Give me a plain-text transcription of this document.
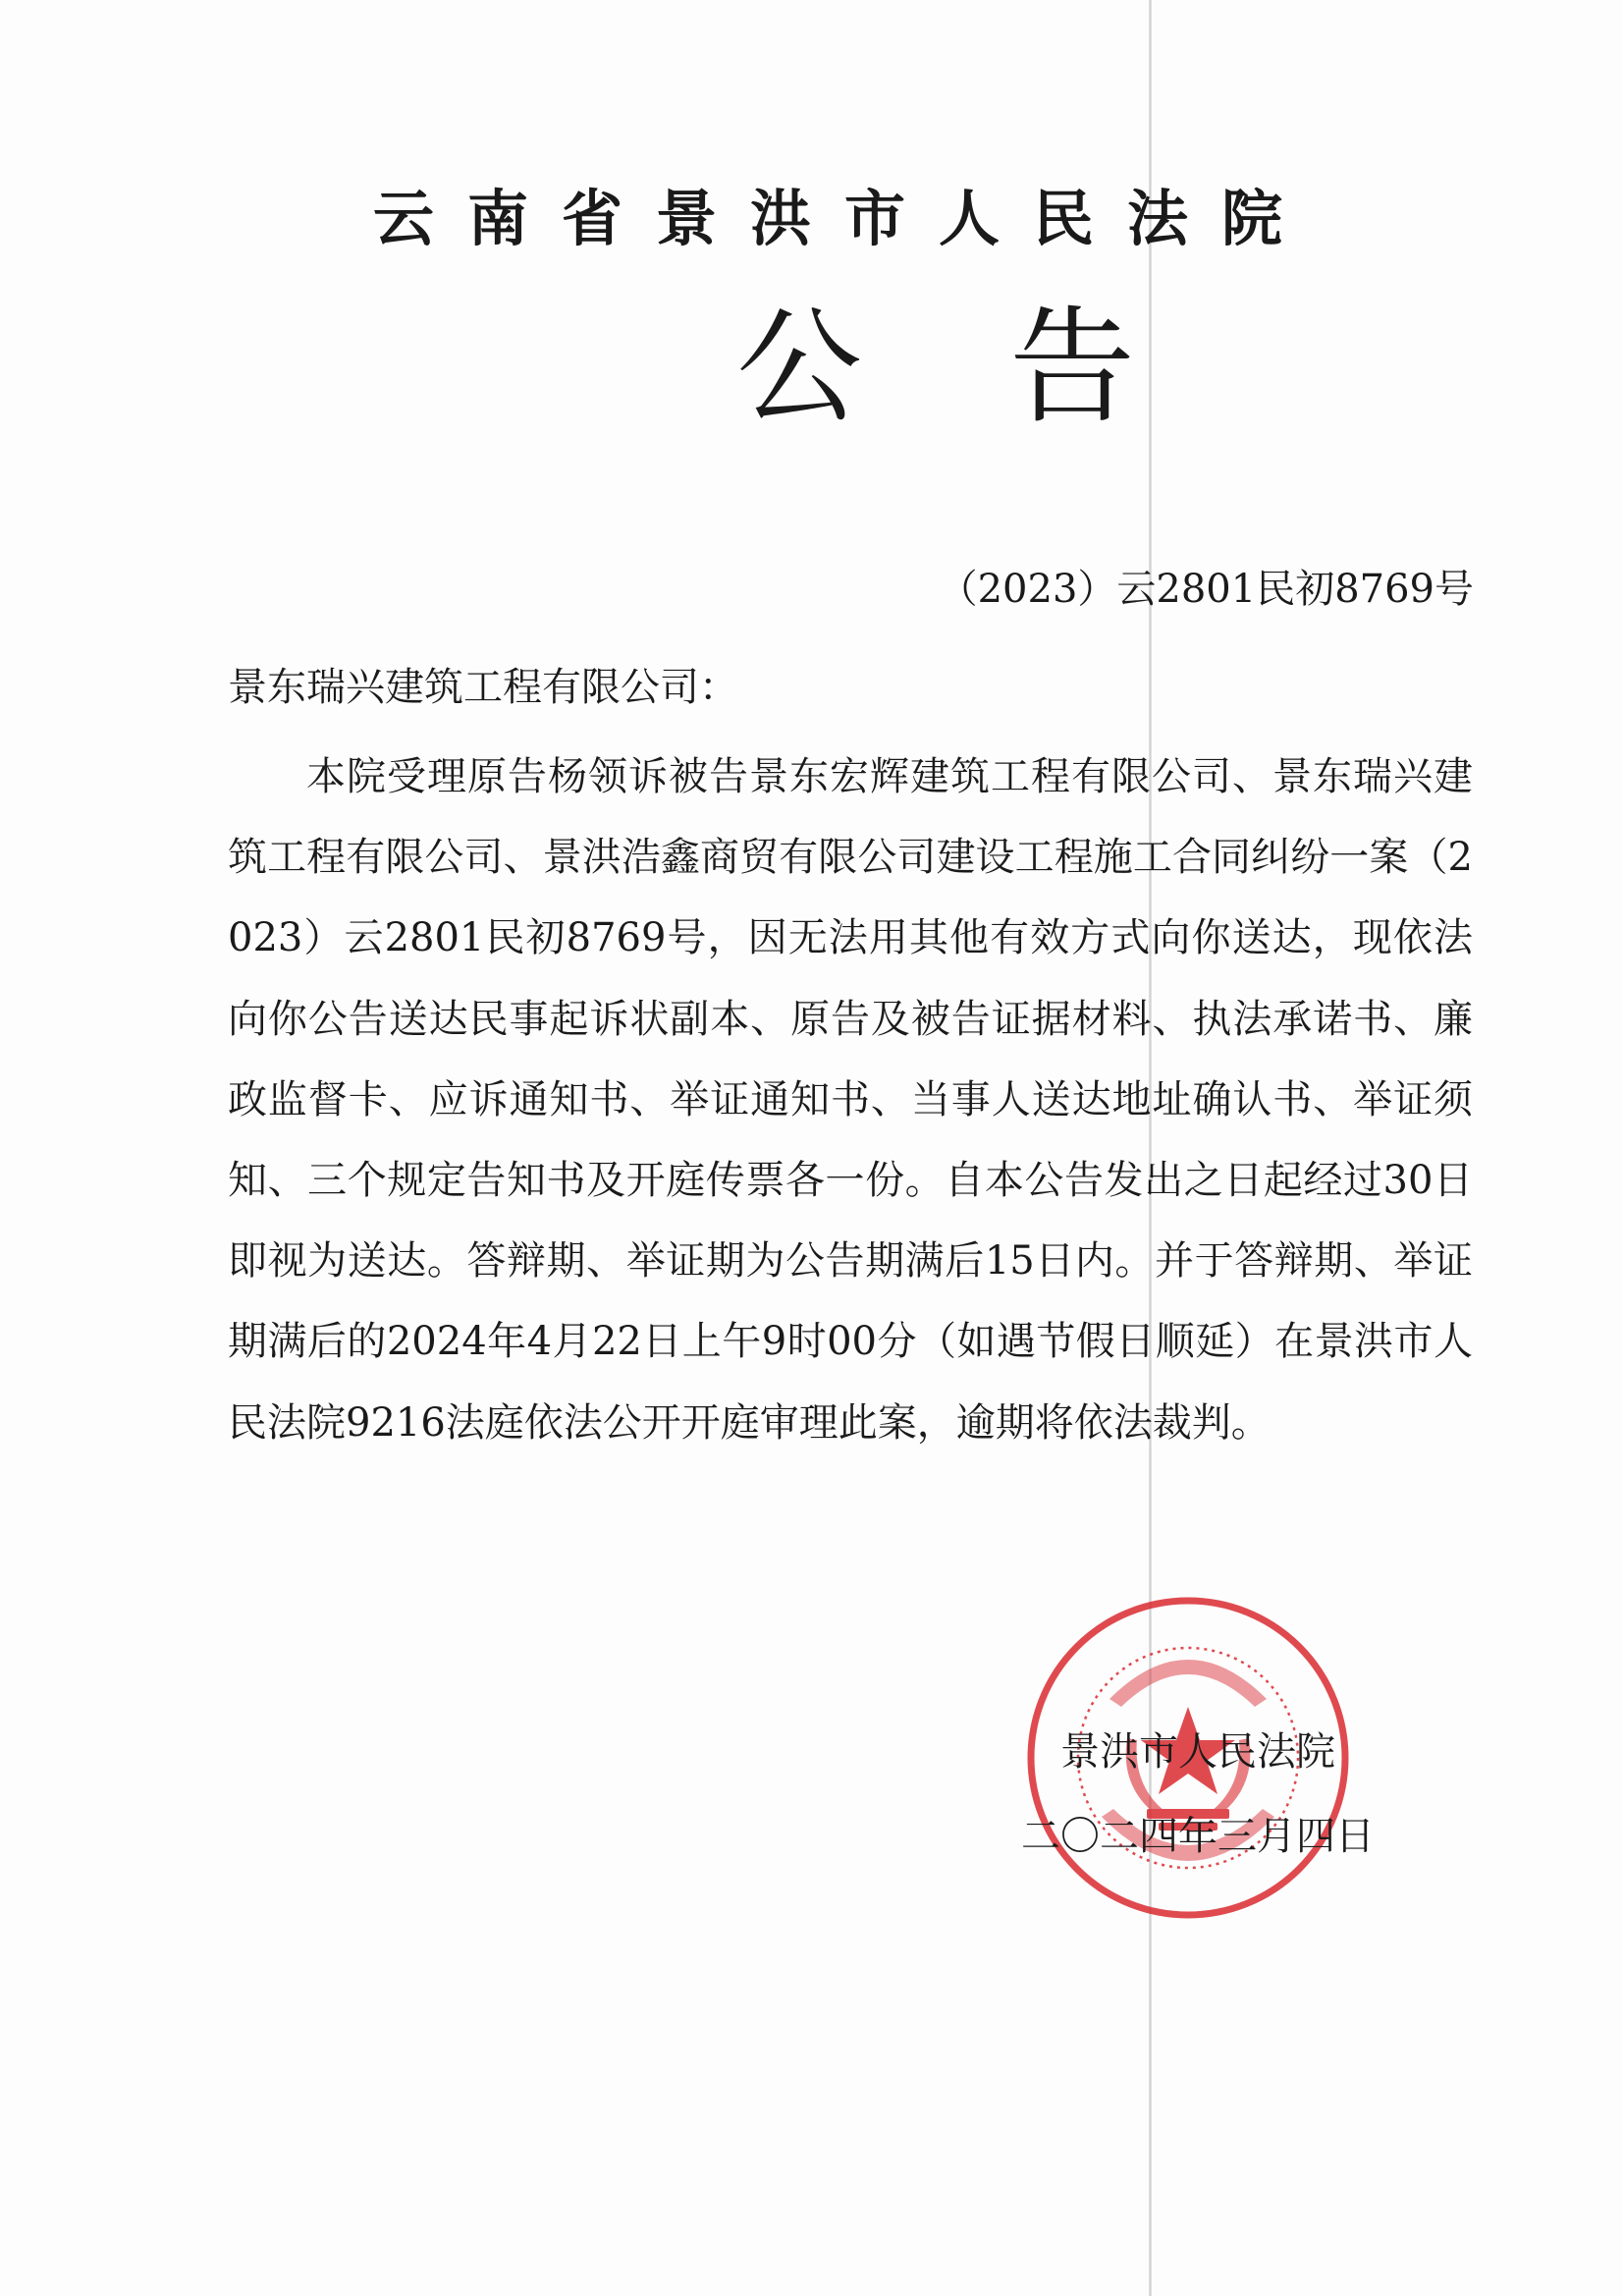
云南省景洪市人民法院
公告
（2023）云2801民初8769号
景东瑞兴建筑工程有限公司：
本院受理原告杨领诉被告景东宏辉建筑工程有限公司、景东瑞兴建筑工程有限公司、景洪浩鑫商贸有限公司建设工程施工合同纠纷一案（2023）云2801民初8769号，因无法用其他有效方式向你送达，现依法向你公告送达民事起诉状副本、原告及被告证据材料、执法承诺书、廉政监督卡、应诉通知书、举证通知书、当事人送达地址确认书、举证须知、三个规定告知书及开庭传票各一份。自本公告发出之日起经过30日即视为送达。答辩期、举证期为公告期满后15日内。并于答辩期、举证期满后的2024年4月22日上午9时00分（如遇节假日顺延）在景洪市人民法院9216法庭依法公开开庭审理此案，逾期将依法裁判。
景洪市人民法院
二〇二四年三月四日
